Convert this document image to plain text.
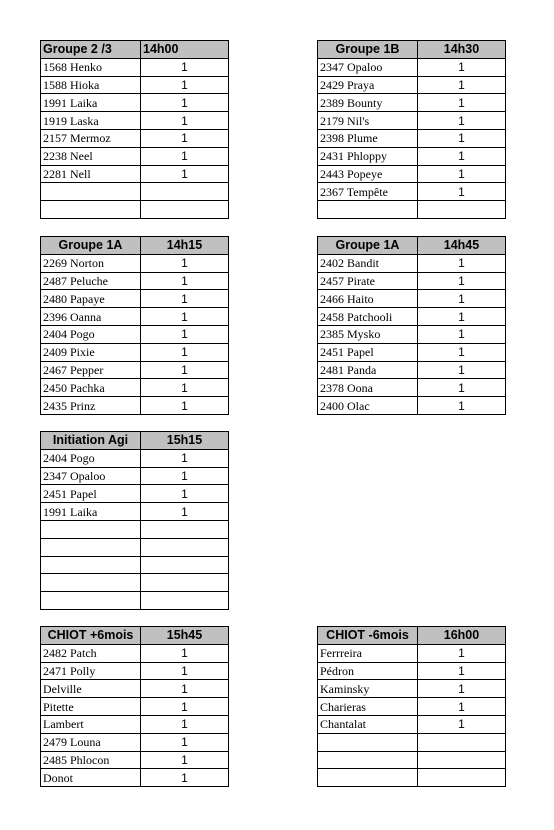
Groupe 2 /3	14h00
1568 Henko	1
1588 Hioka	1
1991 Laika	1
1919 Laska	1
2157 Mermoz	1
2238 Neel	1
2281 Nell	1

Groupe 1B	14h30
2347 Opaloo	1
2429 Praya	1
2389 Bounty	1
2179 Nil's	1
2398 Plume	1
2431 Phloppy	1
2443 Popeye	1
2367 Tempête	1

Groupe 1A	14h15
2269 Norton	1
2487 Peluche	1
2480 Papaye	1
2396 Oanna	1
2404 Pogo	1
2409 Pixie	1
2467 Pepper	1
2450 Pachka	1
2435 Prinz	1
Groupe 1A	14h45
2402 Bandit	1
2457 Pirate	1
2466 Haito	1
2458 Patchooli	1
2385 Mysko	1
2451 Papel	1
2481 Panda	1
2378 Oona	1
2400 Olac	1
Initiation Agi	15h15
2404 Pogo	1
2347 Opaloo	1
2451 Papel	1
1991 Laika	1

CHIOT +6mois	15h45
2482 Patch	1
2471 Polly	1
Delville	1
Pitette	1
Lambert	1
2479 Louna	1
2485 Phlocon	1
Donot	1
CHIOT -6mois	16h00
Ferrreira	1
Pédron	1
Kaminsky	1
Charieras	1
Chantalat	1
